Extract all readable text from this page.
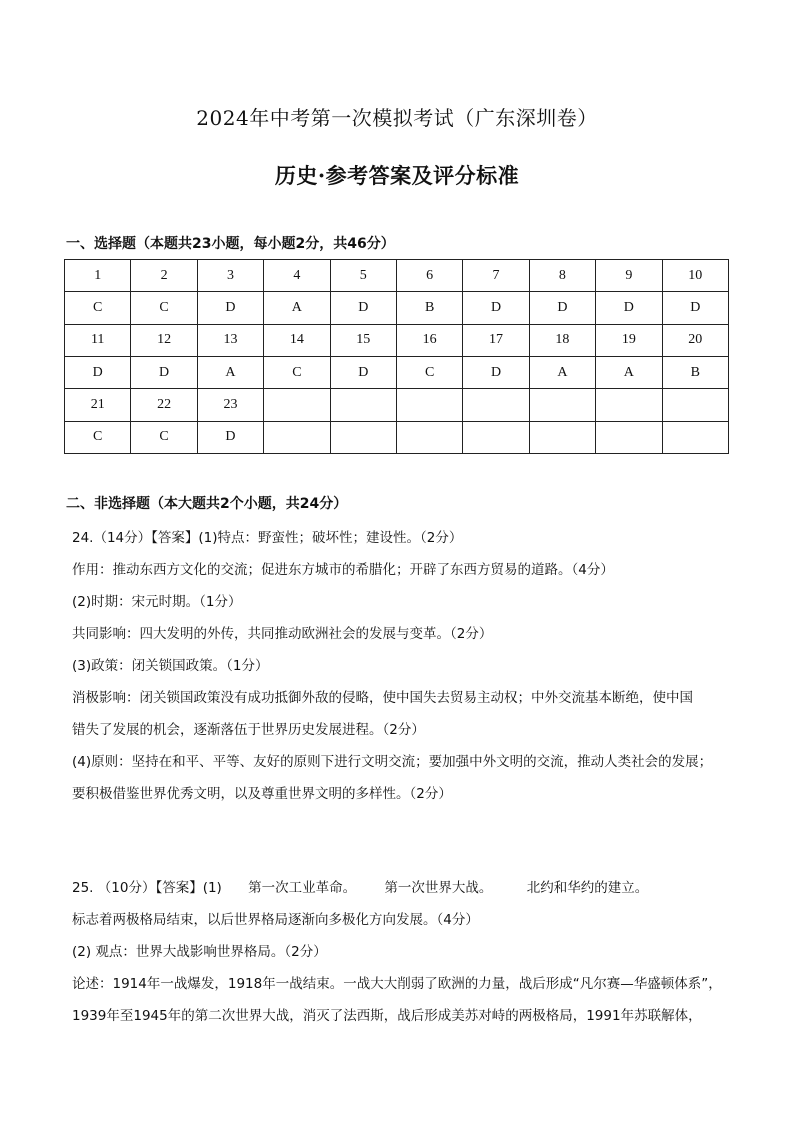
2024年中考第一次模拟考试（广东深圳卷）
历史·参考答案及评分标准
一、选择题（本题共23小题，每小题2分，共46分）
1	2	3	4	5	6	7	8	9	10
C	C	D	A	D	B	D	D	D	D
11	12	13	14	15	16	17	18	19	20
D	D	A	C	D	C	D	A	A	B
21	22	23							
C	C	D							
二、非选择题（本大题共2个小题，共24分）
24.（14分）【答案】(1)特点：野蛮性；破坏性；建设性。（2分）
作用：推动东西方文化的交流；促进东方城市的希腊化；开辟了东西方贸易的道路。（4分）
(2)时期：宋元时期。（1分）
共同影响：四大发明的外传，共同推动欧洲社会的发展与变革。（2分）
(3)政策：闭关锁国政策。（1分）
消极影响：闭关锁国政策没有成功抵御外敌的侵略，使中国失去贸易主动权；中外交流基本断绝，使中国
错失了发展的机会，逐渐落伍于世界历史发展进程。（2分）
(4)原则：坚持在和平、平等、友好的原则下进行文明交流；要加强中外文明的交流，推动人类社会的发展；
要积极借鉴世界优秀文明，以及尊重世界文明的多样性。（2分）
25. （10分）【答案】(1) 第一次工业革命。 第一次世界大战。	北约和华约的建立。
标志着两极格局结束，以后世界格局逐渐向多极化方向发展。（4分）
(2) 观点：世界大战影响世界格局。（2分）
论述：1914年一战爆发，1918年一战结束。一战大大削弱了欧洲的力量，战后形成“凡尔赛—华盛顿体系”，
1939年至1945年的第二次世界大战，消灭了法西斯，战后形成美苏对峙的两极格局，1991年苏联解体，
